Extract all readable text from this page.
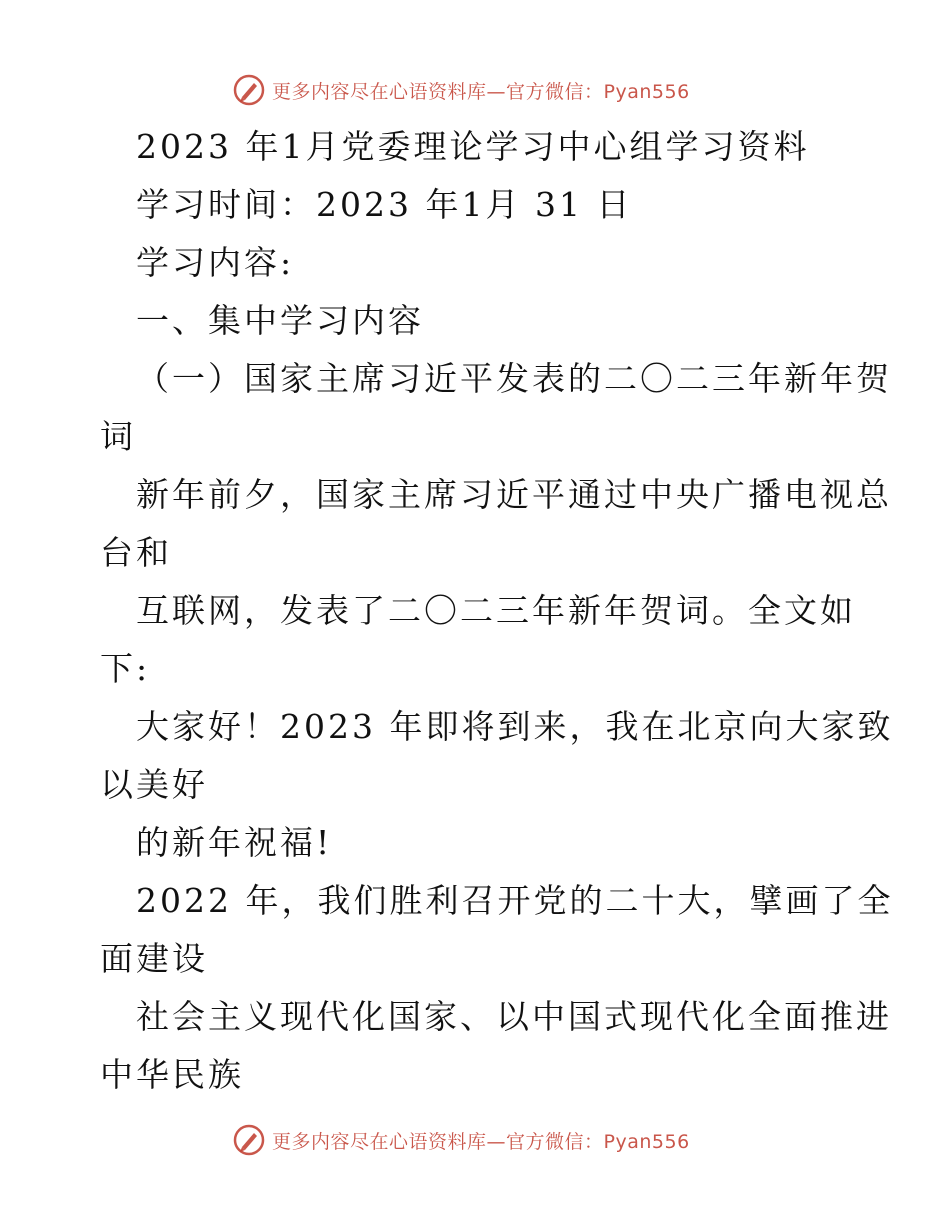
更多内容尽在心语资料库—官方微信：Pyan556
2023 年1月党委理论学习中心组学习资料
学习时间：2023 年1月 31 日
学习内容:
一、集中学习内容
（一）国家主席习近平发表的二〇二三年新年贺
词
新年前夕，国家主席习近平通过中央广播电视总
台和
互联网，发表了二〇二三年新年贺词。全文如
下:
大家好！2023 年即将到来，我在北京向大家致
以美好
的新年祝福!
2022 年，我们胜利召开党的二十大，擘画了全
面建设
社会主义现代化国家、以中国式现代化全面推进
中华民族
更多内容尽在心语资料库—官方微信：Pyan556
